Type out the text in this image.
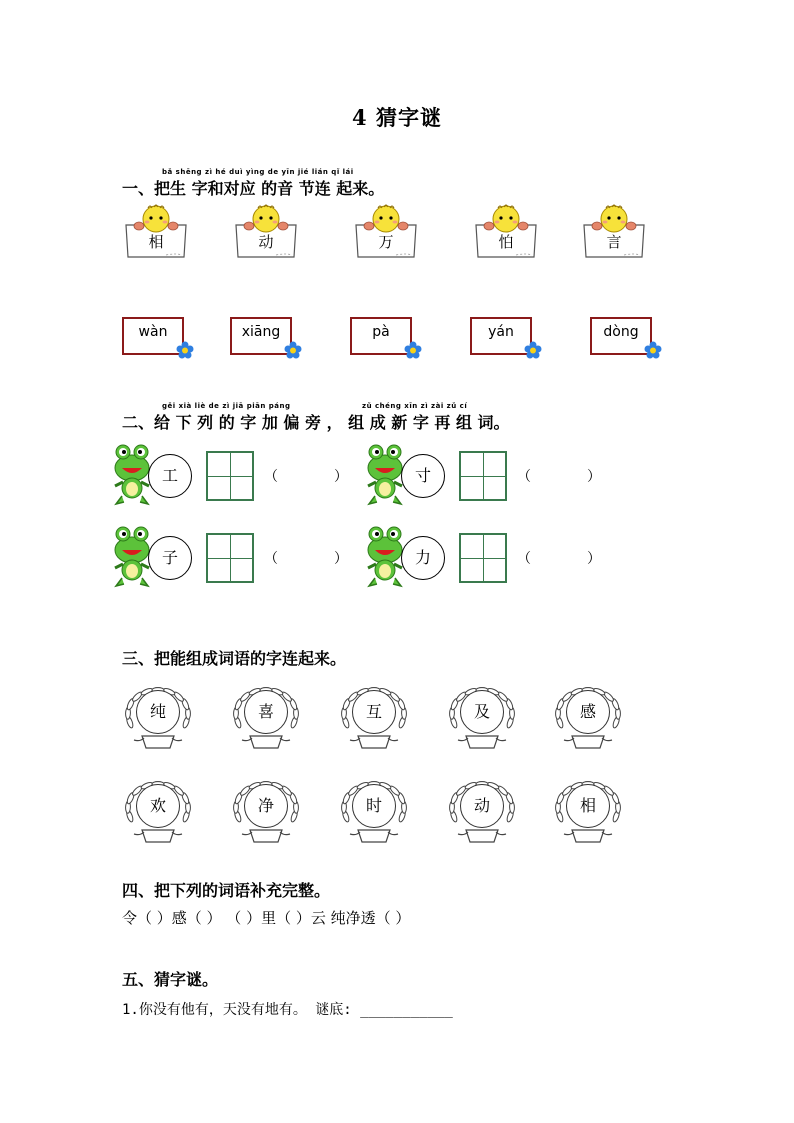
4 猜字谜
bǎ shēng zì hé duì yìng de yīn jié lián qǐ lái
一、把生 字和对应 的音 节连 起来。
相	动	万	怕	言
wàn	xiāng	pà	yán	dòng
gěi xià liè de zì jiā piān páng	zǔ chéng xīn zì zài zǔ cí
二、给 下 列 的 字 加 偏 旁 ， 组 成 新 字 再 组 词。
工	（	）	寸	（	）
子	（	）	力	（	）
三、把能组成词语的字连起来。
纯	喜	互	及	感
欢	净	时	动	相
四、把下列的词语补充完整。
令（ ）感（ ） （ ）里（ ）云 纯净透（ ）
五、猜字谜。
1.你没有他有，天没有地有。 谜底: ___________
